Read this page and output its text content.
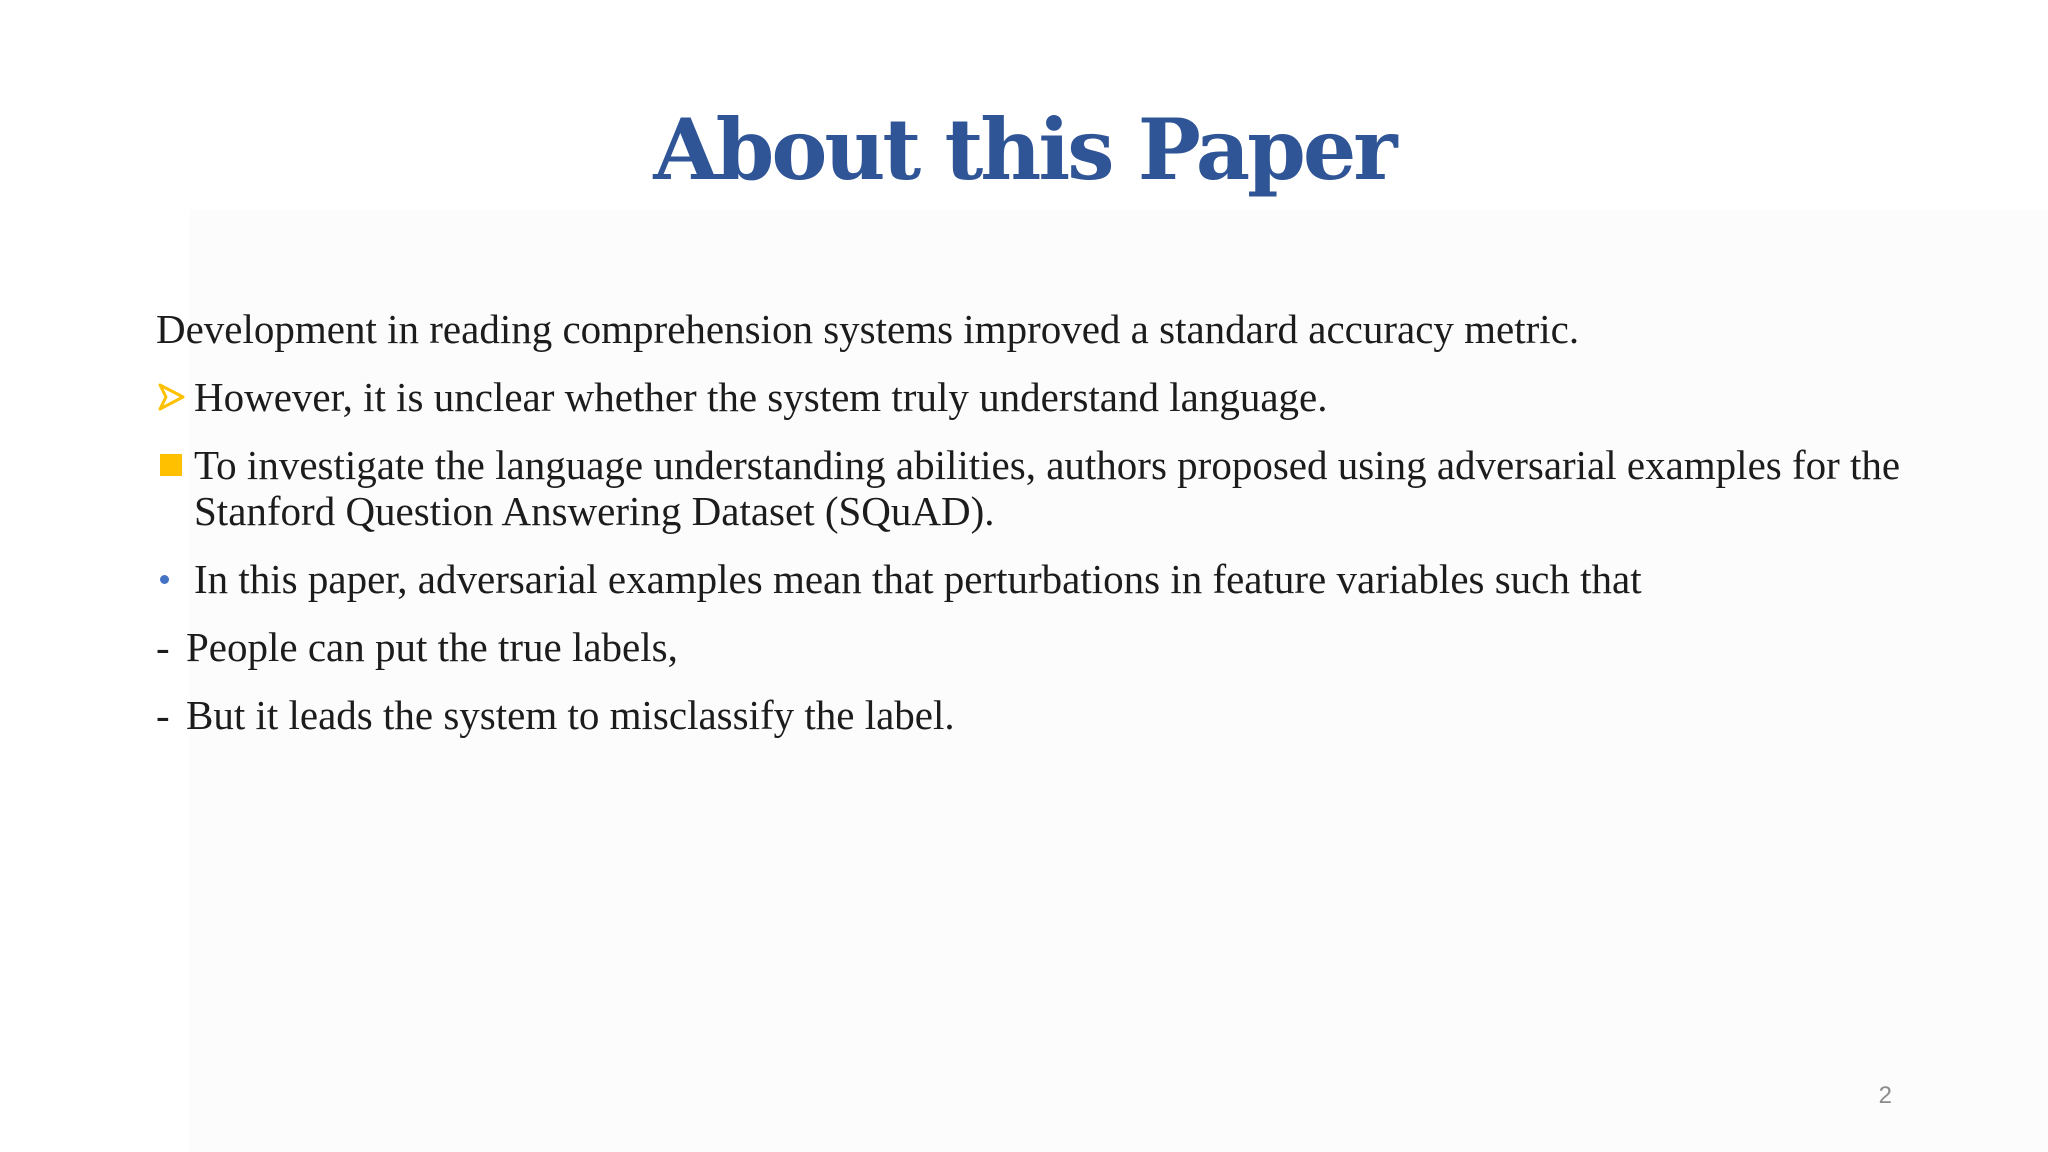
About this Paper
Development in reading comprehension systems improved a standard accuracy metric.
However, it is unclear whether the system truly understand language.
To investigate the language understanding abilities, authors proposed using adversarial examples for the Stanford Question Answering Dataset (SQuAD).
In this paper, adversarial examples mean that perturbations in feature variables such that
- People can put the true labels,
- But it leads the system to misclassify the label.
2
